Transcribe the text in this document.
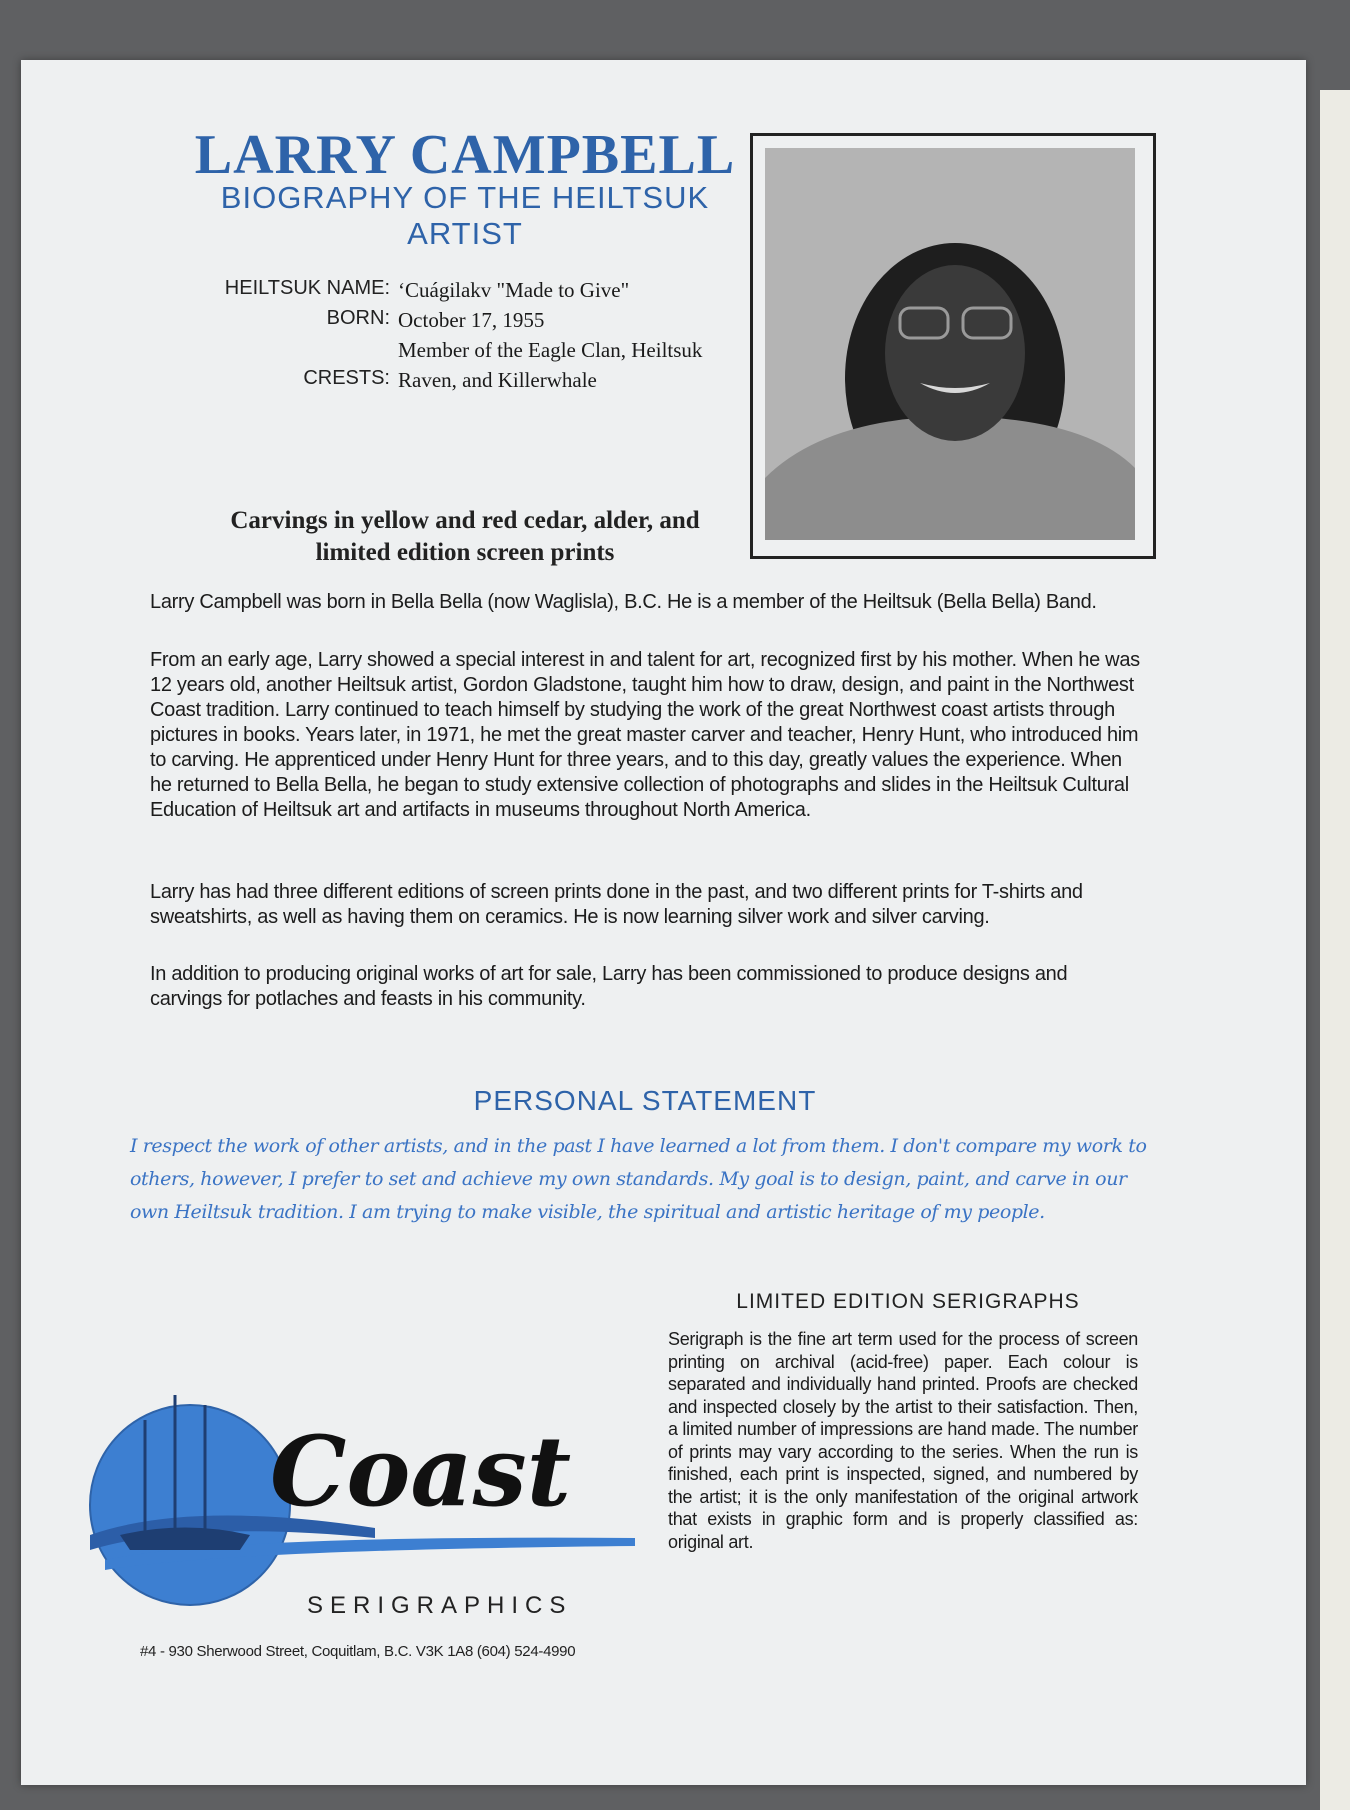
LARRY CAMPBELL
BIOGRAPHY OF THE HEILTSUK ARTIST
HEILTSUK NAME: ‘Cuágilakv "Made to Give"
BORN: October 17, 1955
Member of the Eagle Clan, Heiltsuk
CRESTS: Raven, and Killerwhale
Carvings in yellow and red cedar, alder, and
limited edition screen prints
Larry Campbell was born in Bella Bella (now Waglisla), B.C. He is a member of the Heiltsuk (Bella Bella) Band.
From an early age, Larry showed a special interest in and talent for art, recognized first by his mother. When he was 12 years old, another Heiltsuk artist, Gordon Gladstone, taught him how to draw, design, and paint in the Northwest Coast tradition. Larry continued to teach himself by studying the work of the great Northwest coast artists through pictures in books. Years later, in 1971, he met the great master carver and teacher, Henry Hunt, who introduced him to carving. He apprenticed under Henry Hunt for three years, and to this day, greatly values the experience. When he returned to Bella Bella, he began to study extensive collection of photographs and slides in the Heiltsuk Cultural Education of Heiltsuk art and artifacts in museums throughout North America.
Larry has had three different editions of screen prints done in the past, and two different prints for T-shirts and sweatshirts, as well as having them on ceramics. He is now learning silver work and silver carving.
In addition to producing original works of art for sale, Larry has been commissioned to produce designs and carvings for potlaches and feasts in his community.
PERSONAL STATEMENT
I respect the work of other artists, and in the past I have learned a lot from them. I don't compare my work to others, however, I prefer to set and achieve my own standards. My goal is to design, paint, and carve in our own Heiltsuk tradition. I am trying to make visible, the spiritual and artistic heritage of my people.
LIMITED EDITION SERIGRAPHS
Serigraph is the fine art term used for the process of screen printing on archival (acid-free) paper. Each colour is separated and individually hand printed. Proofs are checked and inspected closely by the artist to their satisfaction. Then, a limited number of impressions are hand made. The number of prints may vary according to the series. When the run is finished, each print is inspected, signed, and numbered by the artist; it is the only manifestation of the original artwork that exists in graphic form and is properly classified as: original art.
Coast
SERIGRAPHICS
#4 - 930 Sherwood Street, Coquitlam, B.C. V3K 1A8 (604) 524-4990
